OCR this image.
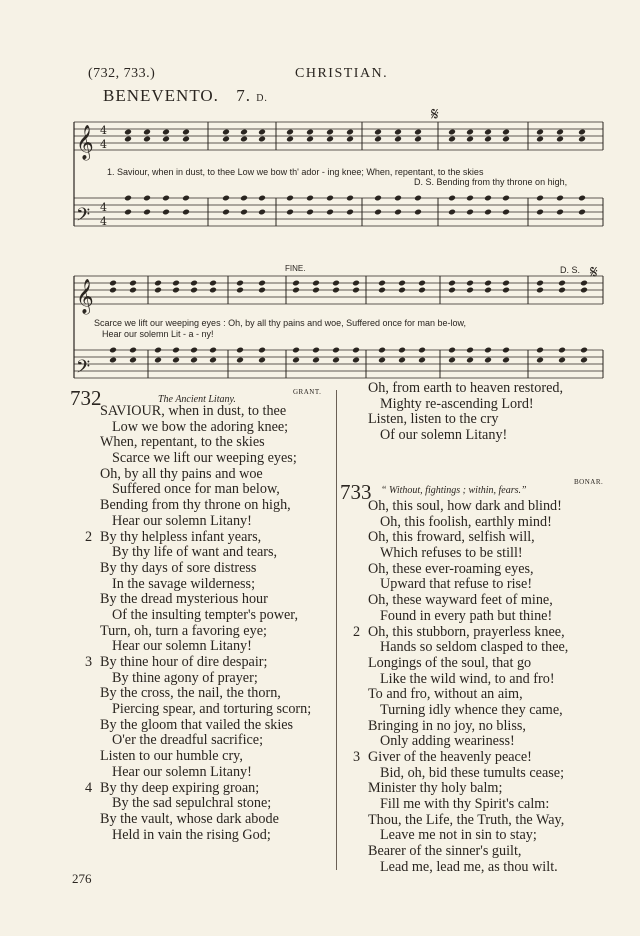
(732, 733.)	CHRISTIAN.
BENEVENTO. 7. D.
𝄞
𝄢
𝄞
𝄢
4
4
4
4
FINE.	D. S. 𝄋
𝄋
1. Saviour, when in dust, to thee Low we bow th' ador - ing knee; When, repentant, to the skies
D. S. Bending from thy throne on high,
Scarce we lift our weeping eyes : Oh, by all thy pains and woe, Suffered once for man be-low,
Hear our solemn Lit - a - ny!
732	The Ancient Litany.
GRANT.
SAVIOUR, when in dust, to thee
Low we bow the adoring knee;
When, repentant, to the skies
Scarce we lift our weeping eyes;
Oh, by all thy pains and woe
Suffered once for man below,
Bending from thy throne on high,
Hear our solemn Litany!
By thy helpless infant years,
2
By thy life of want and tears,
By thy days of sore distress
In the savage wilderness;
By the dread mysterious hour
Of the insulting tempter's power,
Turn, oh, turn a favoring eye;
Hear our solemn Litany!
By thine hour of dire despair;
3
By thine agony of prayer;
By the cross, the nail, the thorn,
Piercing spear, and torturing scorn;
By the gloom that vailed the skies
O'er the dreadful sacrifice;
Listen to our humble cry,
Hear our solemn Litany!
By thy deep expiring groan;
4
By the sad sepulchral stone;
By the vault, whose dark abode
Held in vain the rising God;
Oh, from earth to heaven restored,
Mighty re-ascending Lord!
Listen, listen to the cry
Of our solemn Litany!
733 “ Without, fightings ; within, fears.”
BONAR.
Oh, this soul, how dark and blind!
Oh, this foolish, earthly mind!
Oh, this froward, selfish will,
Which refuses to be still!
Oh, these ever-roaming eyes,
Upward that refuse to rise!
Oh, these wayward feet of mine,
Found in every path but thine!
Oh, this stubborn, prayerless knee,
2
Hands so seldom clasped to thee,
Longings of the soul, that go
Like the wild wind, to and fro!
To and fro, without an aim,
Turning idly whence they came,
Bringing in no joy, no bliss,
Only adding weariness!
Giver of the heavenly peace!
3
Bid, oh, bid these tumults cease;
Minister thy holy balm;
Fill me with thy Spirit's calm:
Thou, the Life, the Truth, the Way,
Leave me not in sin to stay;
Bearer of the sinner's guilt,
Lead me, lead me, as thou wilt.
276
